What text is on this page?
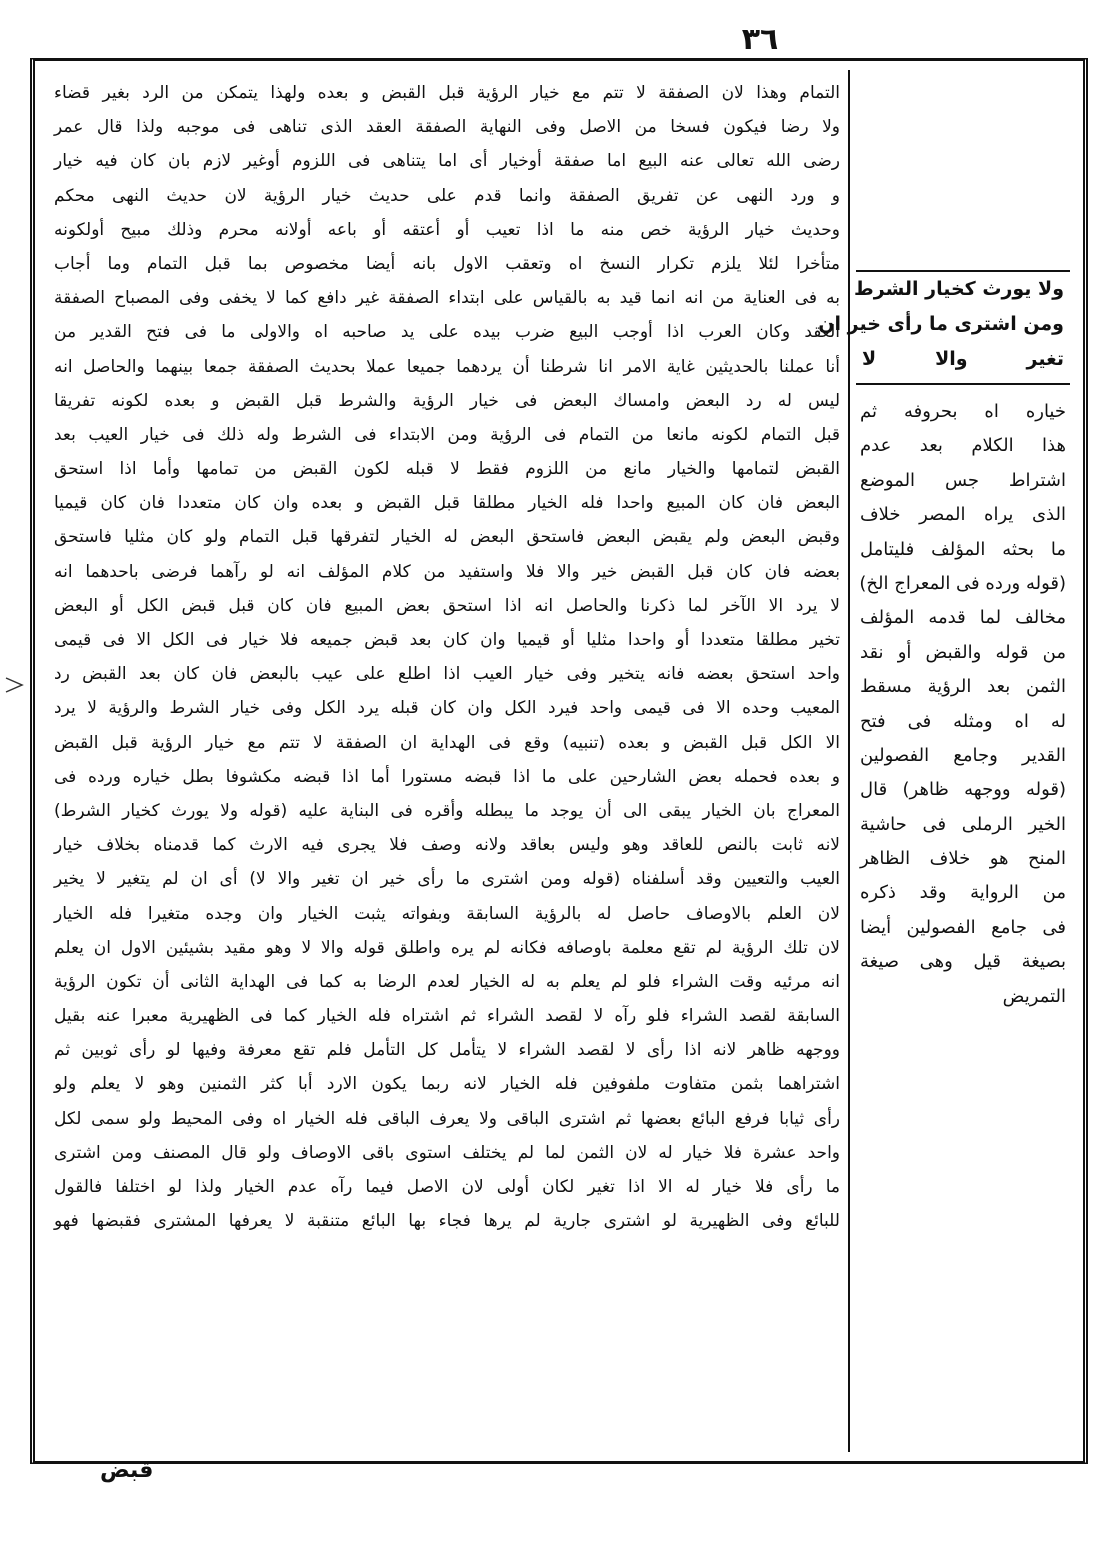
٣٦
التمام وهذا لان الصفقة لا تتم مع خيار الرؤية قبل القبض و بعده ولهذا يتمكن من الرد بغير قضاء
ولا رضا فيكون فسخا من الاصل وفى النهاية الصفقة العقد الذى تناهى فى موجبه ولذا قال عمر
رضى الله تعالى عنه البيع اما صفقة أوخيار أى اما يتناهى فى اللزوم أوغير لازم بان كان فيه خيار
و ورد النهى عن تفريق الصفقة وانما قدم على حديث خيار الرؤية لان حديث النهى محكم
وحديث خيار الرؤية خص منه ما اذا تعيب أو أعتقه أو باعه أولانه محرم وذلك مبيح أولكونه
متأخرا لئلا يلزم تكرار النسخ اه وتعقب الاول بانه أيضا مخصوص بما قبل التمام وما أجاب
به فى العناية من انه انما قيد به بالقياس على ابتداء الصفقة غير دافع كما لا يخفى وفى المصباح الصفقة
العقد وكان العرب اذا أوجب البيع ضرب بيده على يد صاحبه اه والاولى ما فى فتح القدير من
أنا عملنا بالحديثين غاية الامر انا شرطنا أن يردهما جميعا عملا بحديث الصفقة جمعا بينهما والحاصل انه
ليس له رد البعض وامساك البعض فى خيار الرؤية والشرط قبل القبض و بعده لكونه تفريقا
قبل التمام لكونه مانعا من التمام فى الرؤية ومن الابتداء فى الشرط وله ذلك فى خيار العيب بعد
القبض لتمامها والخيار مانع من اللزوم فقط لا قبله لكون القبض من تمامها وأما اذا استحق
البعض فان كان المبيع واحدا فله الخيار مطلقا قبل القبض و بعده وان كان متعددا فان كان قيميا
وقبض البعض ولم يقبض البعض فاستحق البعض له الخيار لتفرقها قبل التمام ولو كان مثليا فاستحق
بعضه فان كان قبل القبض خير والا فلا واستفيد من كلام المؤلف انه لو رآهما فرضى باحدهما انه
لا يرد الا الآخر لما ذكرنا والحاصل انه اذا استحق بعض المبيع فان كان قبل قبض الكل أو البعض
تخير مطلقا متعددا أو واحدا مثليا أو قيميا وان كان بعد قبض جميعه فلا خيار فى الكل الا فى قيمى
واحد استحق بعضه فانه يتخير وفى خيار العيب اذا اطلع على عيب بالبعض فان كان بعد القبض رد
المعيب وحده الا فى قيمى واحد فيرد الكل وان كان قبله يرد الكل وفى خيار الشرط والرؤية لا يرد
الا الكل قبل القبض و بعده (تنبيه) وقع فى الهداية ان الصفقة لا تتم مع خيار الرؤية قبل القبض
و بعده فحمله بعض الشارحين على ما اذا قبضه مستورا أما اذا قبضه مكشوفا بطل خياره ورده فى
المعراج بان الخيار يبقى الى أن يوجد ما يبطله وأقره فى البناية عليه (قوله ولا يورث كخيار الشرط)
لانه ثابت بالنص للعاقد وهو وليس بعاقد ولانه وصف فلا يجرى فيه الارث كما قدمناه بخلاف خيار
العيب والتعيين وقد أسلفناه (قوله ومن اشترى ما رأى خير ان تغير والا لا) أى ان لم يتغير لا يخير
لان العلم بالاوصاف حاصل له بالرؤية السابقة وبفواته يثبت الخيار وان وجده متغيرا فله الخيار
لان تلك الرؤية لم تقع معلمة باوصافه فكانه لم يره واطلق قوله والا لا وهو مقيد بشيئين الاول ان يعلم
انه مرئيه وقت الشراء فلو لم يعلم به له الخيار لعدم الرضا به كما فى الهداية الثانى أن تكون الرؤية
السابقة لقصد الشراء فلو رآه لا لقصد الشراء ثم اشتراه فله الخيار كما فى الظهيرية معبرا عنه بقيل
ووجهه ظاهر لانه اذا رأى لا لقصد الشراء لا يتأمل كل التأمل فلم تقع معرفة وفيها لو رأى ثوبين ثم
اشتراهما بثمن متفاوت ملفوفين فله الخيار لانه ربما يكون الارد أبا كثر الثمنين وهو لا يعلم ولو
رأى ثيابا فرفع البائع بعضها ثم اشترى الباقى ولا يعرف الباقى فله الخيار اه وفى المحيط ولو سمى لكل
واحد عشرة فلا خيار له لان الثمن لما لم يختلف استوى باقى الاوصاف ولو قال المصنف ومن اشترى
ما رأى فلا خيار له الا اذا تغير لكان أولى لان الاصل فيما رآه عدم الخيار ولذا لو اختلفا فالقول
للبائع وفى الظهيرية لو اشترى جارية لم يرها فجاء بها البائع متنقبة لا يعرفها المشترى فقبضها فهو
ولا يورث كخيار الشرط
ومن اشترى ما رأى خير ان
تغير والا لا
خياره اه بحروفه ثم
هذا الكلام بعد عدم
اشتراط جس الموضع
الذى يراه المصر خلاف
ما بحثه المؤلف فليتامل
(قوله ورده فى المعراج الخ)
مخالف لما قدمه المؤلف
من قوله والقبض أو نقد
الثمن بعد الرؤية مسقط
له اه ومثله فى فتح
القدير وجامع الفصولين
(قوله ووجهه ظاهر) قال
الخير الرملى فى حاشية
المنح هو خلاف الظاهر
من الرواية وقد ذكره
فى جامع الفصولين أيضا
بصيغة قيل وهى صيغة
التمريض

قبض
